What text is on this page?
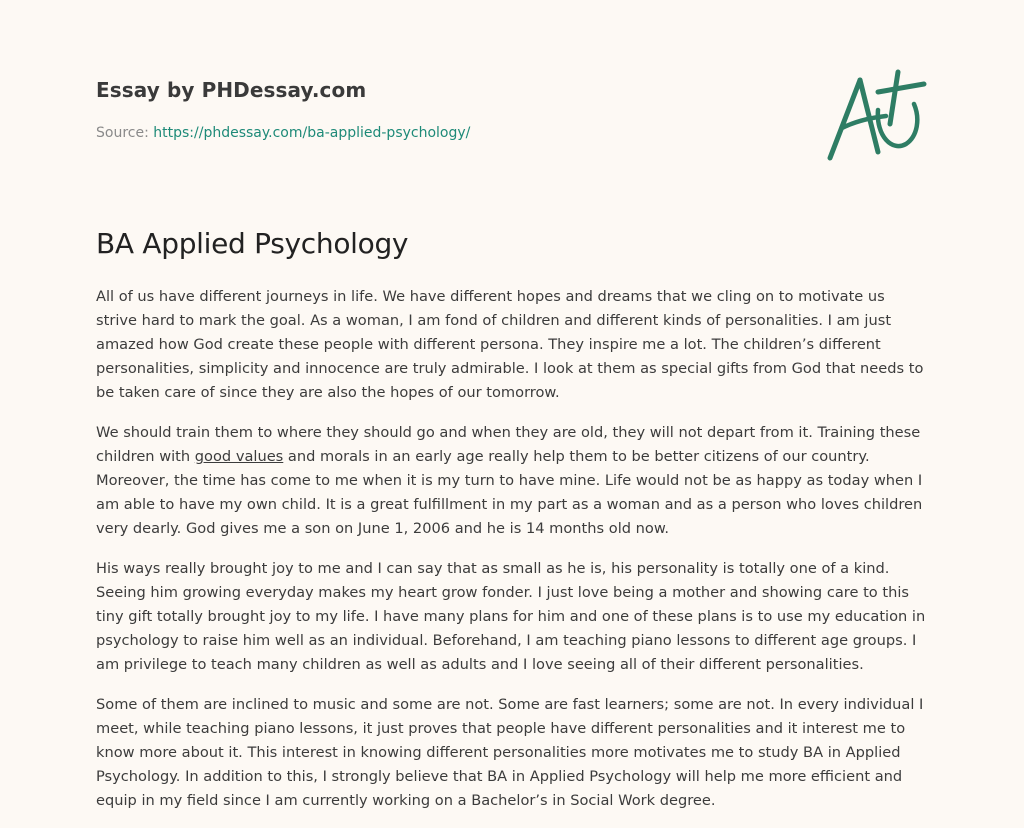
Essay by PHDessay.com
Source: https://phdessay.com/ba-applied-psychology/
BA Applied Psychology

All of us have different journeys in life. We have different hopes and dreams that we cling on to motivate us strive hard to mark the goal. As a woman, I am fond of children and different kinds of personalities. I am just amazed how God create these people with different persona. They inspire me a lot. The children’s different personalities, simplicity and innocence are truly admirable. I look at them as special gifts from God that needs to be taken care of since they are also the hopes of our tomorrow.

We should train them to where they should go and when they are old, they will not depart from it. Training these children with good values and morals in an early age really help them to be better citizens of our country. Moreover, the time has come to me when it is my turn to have mine. Life would not be as happy as today when I am able to have my own child. It is a great fulfillment in my part as a woman and as a person who loves children very dearly. God gives me a son on June 1, 2006 and he is 14 months old now.

His ways really brought joy to me and I can say that as small as he is, his personality is totally one of a kind. Seeing him growing everyday makes my heart grow fonder. I just love being a mother and showing care to this tiny gift totally brought joy to my life. I have many plans for him and one of these plans is to use my education in psychology to raise him well as an individual. Beforehand, I am teaching piano lessons to different age groups. I am privilege to teach many children as well as adults and I love seeing all of their different personalities.

Some of them are inclined to music and some are not. Some are fast learners; some are not. In every individual I meet, while teaching piano lessons, it just proves that people have different personalities and it interest me to know more about it. This interest in knowing different personalities more motivates me to study BA in Applied Psychology. In addition to this, I strongly believe that BA in Applied Psychology will help me more efficient and equip in my field since I am currently working on a Bachelor’s in Social Work degree.
